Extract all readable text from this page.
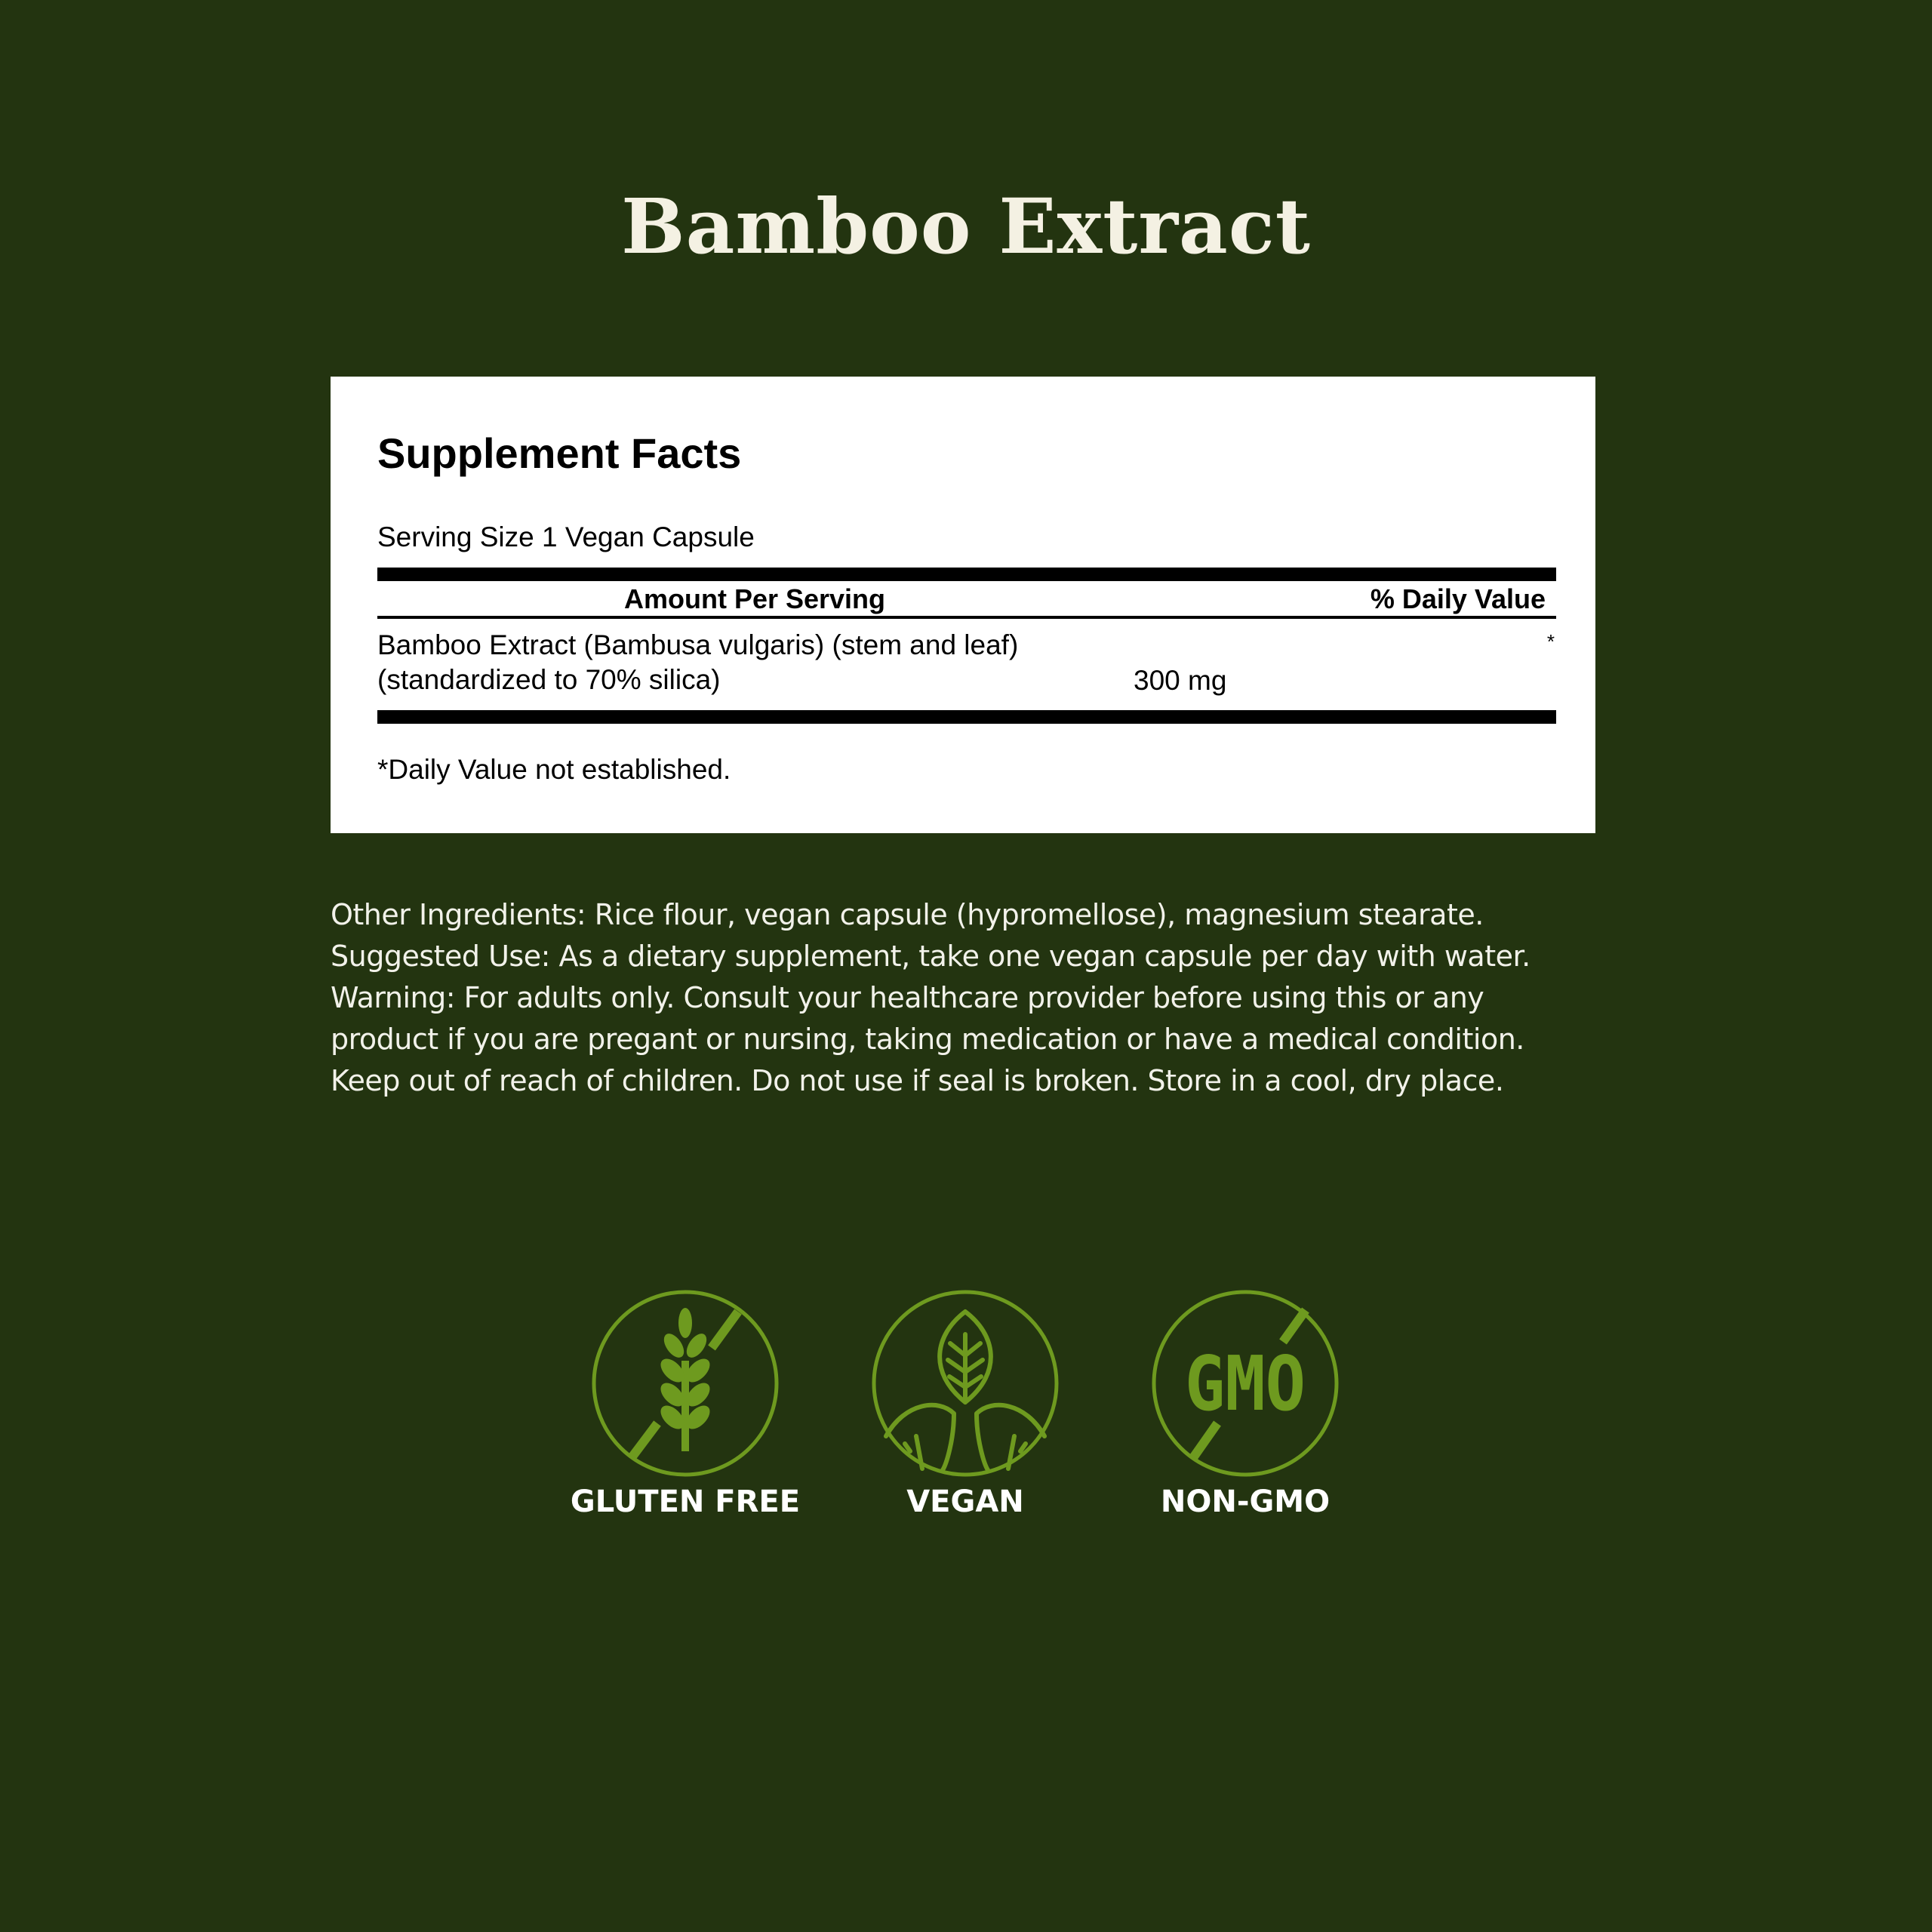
Bamboo Extract
Supplement Facts
Serving Size 1 Vegan Capsule
Amount Per Serving	% Daily Value
Bamboo Extract (Bambusa vulgaris) (stem and leaf)
(standardized to 70% silica)	300 mg
*
*Daily Value not established.
Other Ingredients: Rice flour, vegan capsule (hypromellose), magnesium stearate.
Suggested Use: As a dietary supplement, take one vegan capsule per day with water.
Warning: For adults only. Consult your healthcare provider before using this or any
product if you are pregant or nursing, taking medication or have a medical condition.
Keep out of reach of children. Do not use if seal is broken. Store in a cool, dry place.
GLUTEN FREE	VEGAN
GMO
NON-GMO
